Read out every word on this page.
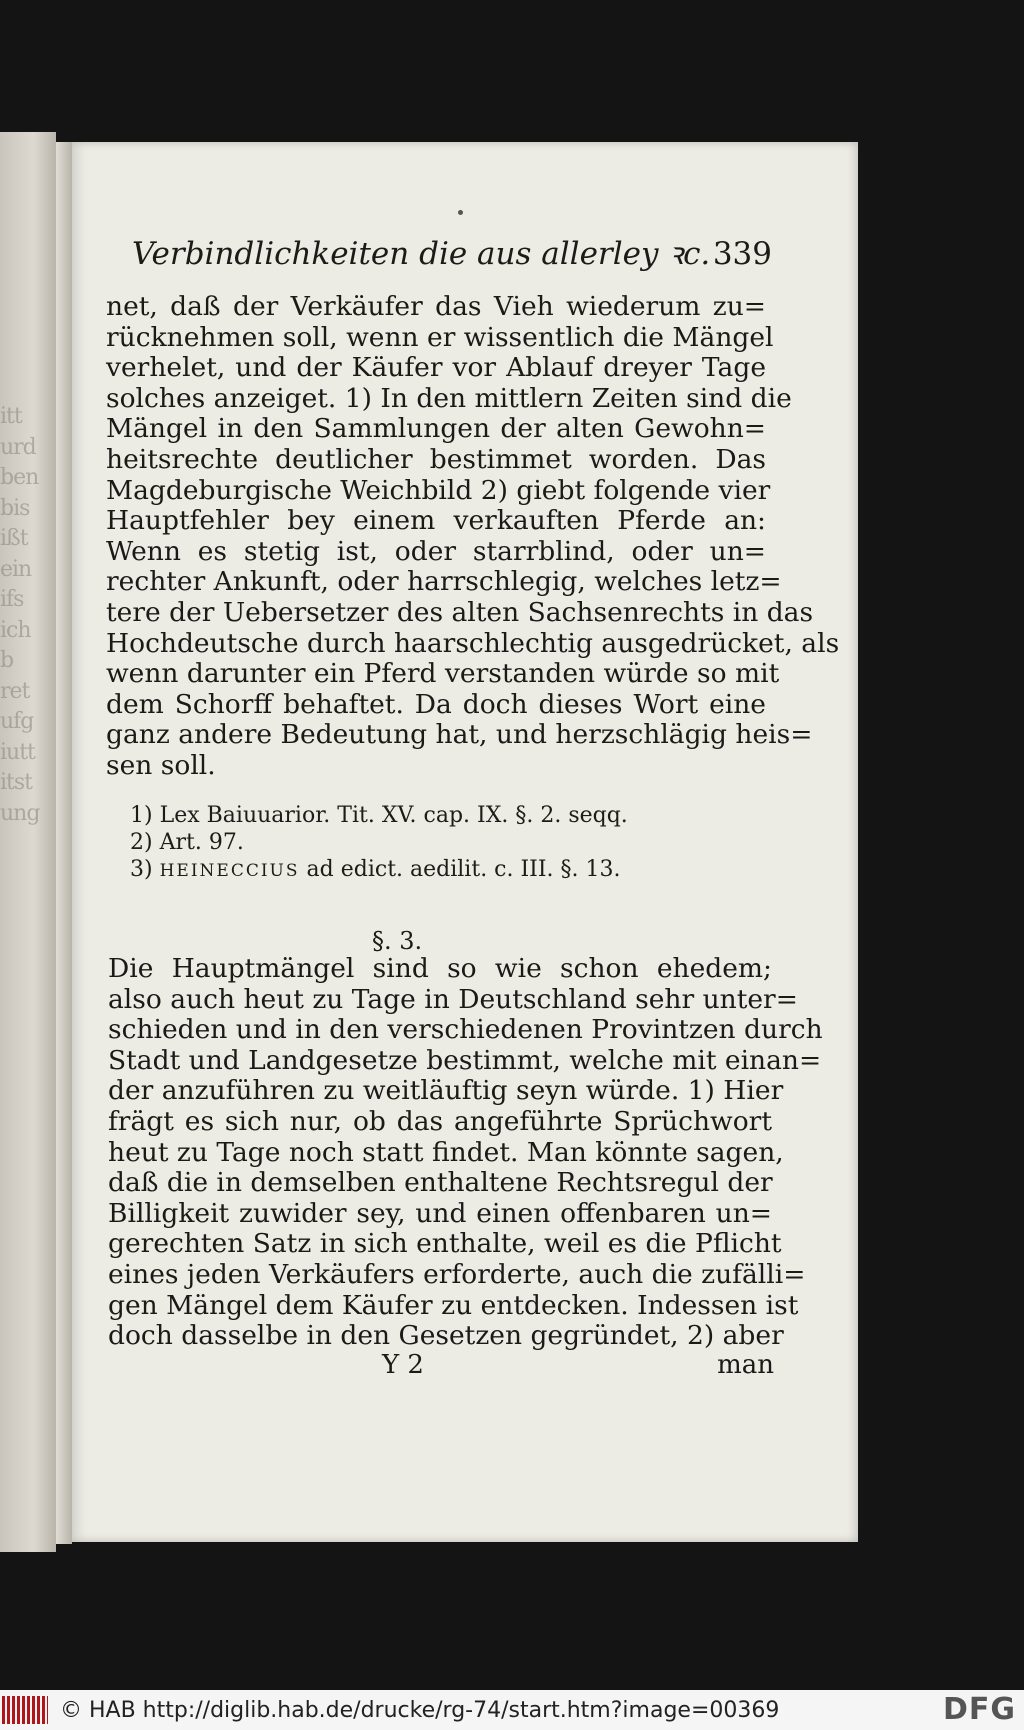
itt
urd
ben
bis
ißt
ein
ifs
ich
b
ret
ufg
iutt
itst
ung
Verbindlichkeiten die aus allerley ꝛc. 339
net, daß der Verkäufer das Vieh wiederum zu=
rücknehmen soll, wenn er wissentlich die Mängel
verhelet, und der Käufer vor Ablauf dreyer Tage
solches anzeiget. 1) In den mittlern Zeiten sind die
Mängel in den Sammlungen der alten Gewohn=
heitsrechte deutlicher bestimmet worden. Das
Magdeburgische Weichbild 2) giebt folgende vier
Hauptfehler bey einem verkauften Pferde an:
Wenn es stetig ist, oder starrblind, oder un=
rechter Ankunft, oder harrschlegig, welches letz=
tere der Uebersetzer des alten Sachsenrechts in das
Hochdeutsche durch haarschlechtig ausgedrücket, als
wenn darunter ein Pferd verstanden würde so mit
dem Schorff behaftet. Da doch dieses Wort eine
ganz andere Bedeutung hat, und herzschlägig heis=
sen soll.
1) Lex Baiuuarior. Tit. XV. cap. IX. §. 2. seqq.
2) Art. 97.
3) HEINECCIUS ad edict. aedilit. c. III. §. 13.
§. 3.
Die Hauptmängel sind so wie schon ehedem;
also auch heut zu Tage in Deutschland sehr unter=
schieden und in den verschiedenen Provintzen durch
Stadt und Landgesetze bestimmt, welche mit einan=
der anzuführen zu weitläuftig seyn würde. 1) Hier
frägt es sich nur, ob das angeführte Sprüchwort
heut zu Tage noch statt findet. Man könnte sagen,
daß die in demselben enthaltene Rechtsregul der
Billigkeit zuwider sey, und einen offenbaren un=
gerechten Satz in sich enthalte, weil es die Pflicht
eines jeden Verkäufers erforderte, auch die zufälli=
gen Mängel dem Käufer zu entdecken. Indessen ist
doch dasselbe in den Gesetzen gegründet, 2) aber
Y 2	man
© HAB http://diglib.hab.de/drucke/rg-74/start.htm?image=00369	DFG
